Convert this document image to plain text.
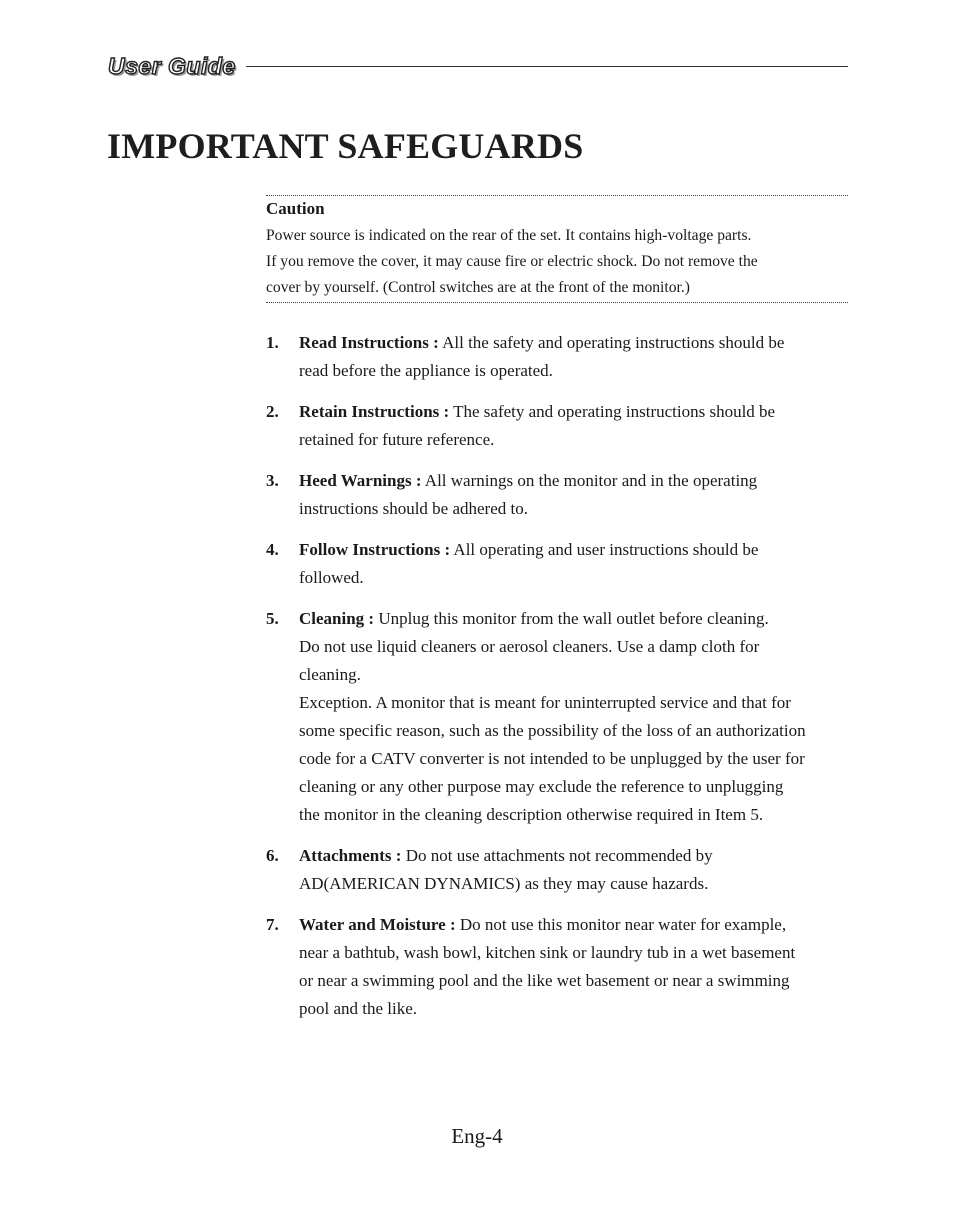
User Guide
IMPORTANT SAFEGUARDS
Caution

Power source is indicated on the rear of the set. It contains high-voltage parts.
If you remove the cover, it may cause fire or electric shock. Do not remove the
cover by yourself. (Control switches are at the front of the monitor.)

1. Read Instructions : All the safety and operating instructions should be
read before the appliance is operated.
2. Retain Instructions : The safety and operating instructions should be
retained for future reference.
3. Heed Warnings : All warnings on the monitor and in the operating
instructions should be adhered to.
4. Follow Instructions : All operating and user instructions should be
followed.
5. Cleaning : Unplug this monitor from the wall outlet before cleaning.
Do not use liquid cleaners or aerosol cleaners. Use a damp cloth for
cleaning.
Exception. A monitor that is meant for uninterrupted service and that for
some specific reason, such as the possibility of the loss of an authorization
code for a CATV converter is not intended to be unplugged by the user for
cleaning or any other purpose may exclude the reference to unplugging
the monitor in the cleaning description otherwise required in Item 5.
6. Attachments : Do not use attachments not recommended by
AD(AMERICAN DYNAMICS) as they may cause hazards.
7. Water and Moisture : Do not use this monitor near water for example,
near a bathtub, wash bowl, kitchen sink or laundry tub in a wet basement
or near a swimming pool and the like wet basement or near a swimming
pool and the like.
Eng-4
